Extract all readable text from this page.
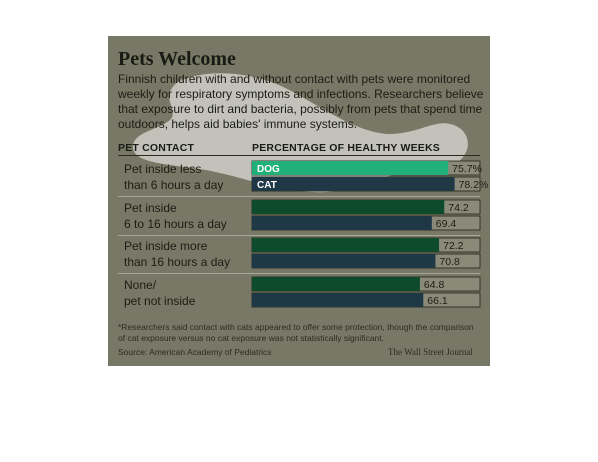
Pets Welcome
Finnish children with and without contact with pets were monitored weekly for respiratory symptoms and infections. Researchers believe that exposure to dirt and bacteria, possibly from pets that spend time outdoors, helps aid babies' immune systems.
PET CONTACT	PERCENTAGE OF HEALTHY WEEKS
Pet inside less
than 6 hours a day
Pet inside
6 to 16 hours a day
Pet inside more
than 16 hours a day
None/
pet not inside
75.7%
DOG
78.2%
CAT
74.2
69.4
72.2
70.8
64.8
66.1
*Researchers said contact with cats appeared to offer some protection, though the comparison of cat exposure versus no cat exposure was not statistically significant.
Source: American Academy of Pediatrics	The Wall Street Journal
